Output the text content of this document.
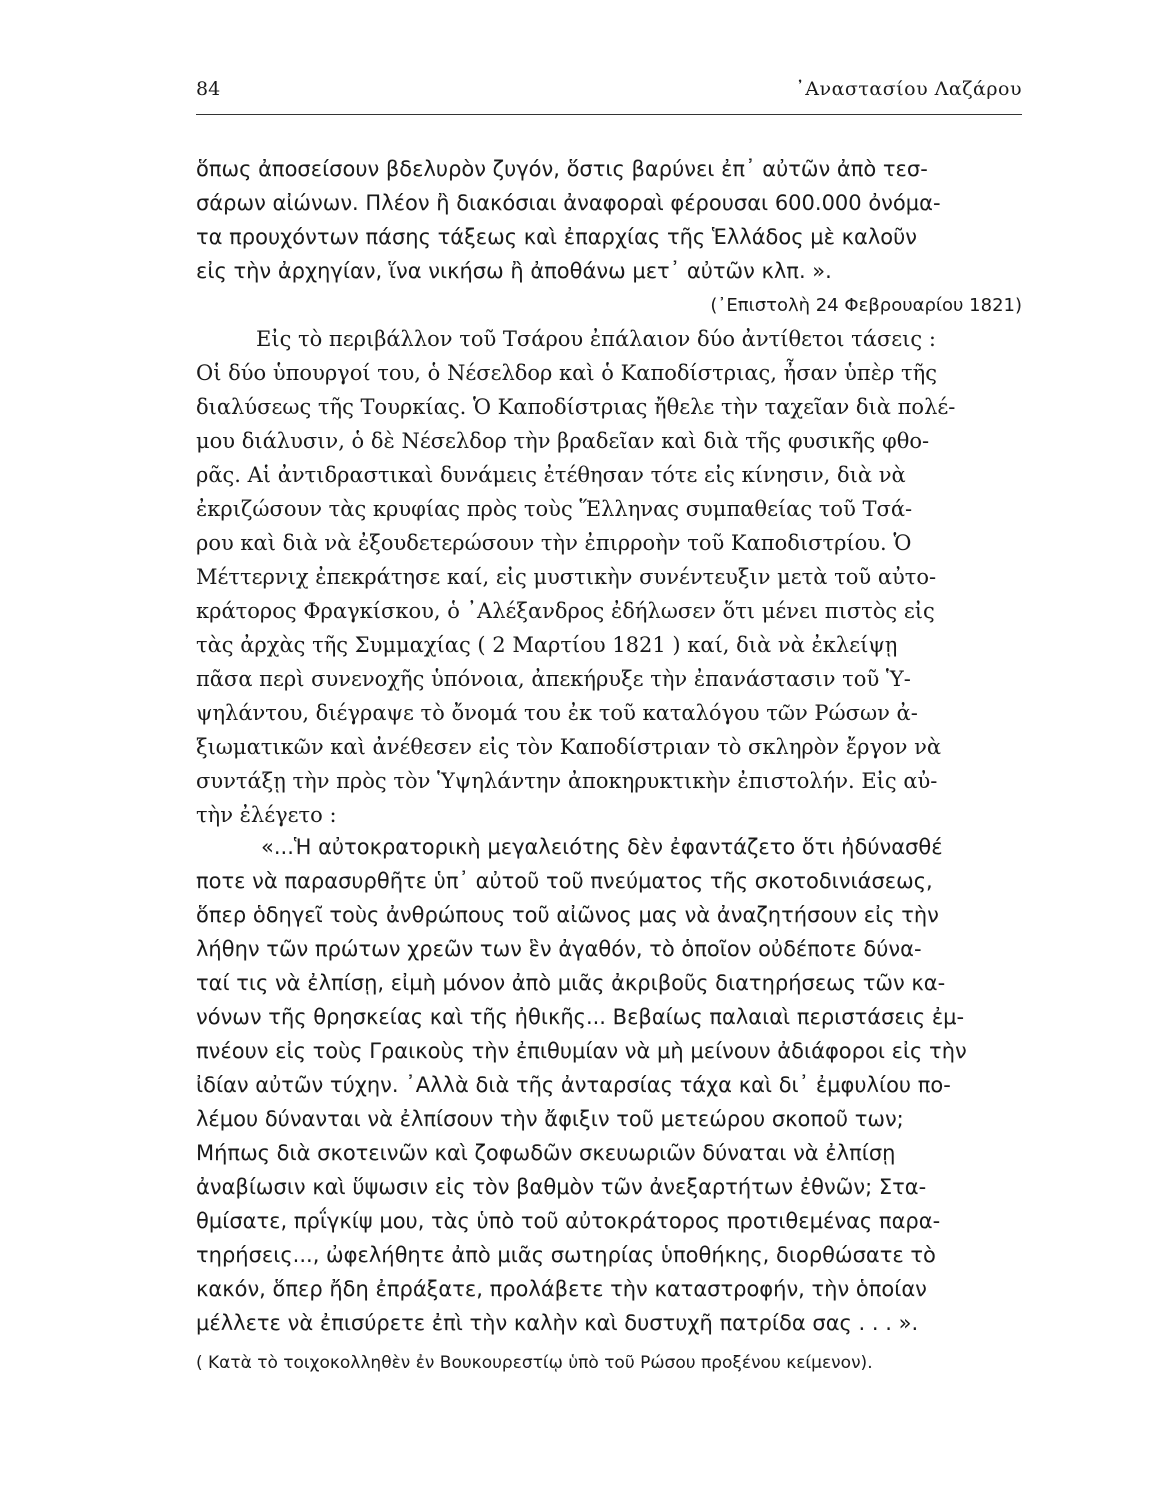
84	᾿Αναστασίου Λαζάρου
ὅπως ἀποσείσουν βδελυρὸν ζυγόν, ὅστις βαρύνει ἐπ᾿ αὐτῶν ἀπὸ τεσ-
σάρων αἰώνων. Πλέον ἢ διακόσιαι ἀναφοραὶ φέρουσαι 600.000 ὀνόμα-
τα προυχόντων πάσης τάξεως καὶ ἐπαρχίας τῆς Ἑλλάδος μὲ καλοῦν
εἰς τὴν ἀρχηγίαν, ἵνα νικήσω ἢ ἀποθάνω μετ᾿ αὐτῶν κλπ. ».
(᾿Επιστολὴ 24 Φεβρουαρίου 1821)
Εἰς τὸ περιβάλλον τοῦ Τσάρου ἐπάλαιον δύο ἀντίθετοι τάσεις :
Οἱ δύο ὑπουργοί του, ὁ Νέσελδορ καὶ ὁ Καποδίστριας, ἦσαν ὑπὲρ τῆς
διαλύσεως τῆς Τουρκίας. Ὁ Καποδίστριας ἤθελε τὴν ταχεῖαν διὰ πολέ-
μου διάλυσιν, ὁ δὲ Νέσελδορ τὴν βραδεῖαν καὶ διὰ τῆς φυσικῆς φθο-
ρᾶς. Αἱ ἀντιδραστικαὶ δυνάμεις ἐτέθησαν τότε εἰς κίνησιν, διὰ νὰ
ἐκριζώσουν τὰς κρυφίας πρὸς τοὺς Ἕλληνας συμπαθείας τοῦ Τσά-
ρου καὶ διὰ νὰ ἐξουδετερώσουν τὴν ἐπιρροὴν τοῦ Καποδιστρίου. Ὁ
Μέττερνιχ ἐπεκράτησε καί, εἰς μυστικὴν συνέντευξιν μετὰ τοῦ αὐτο-
κράτορος Φραγκίσκου, ὁ ᾿Αλέξανδρος ἐδήλωσεν ὅτι μένει πιστὸς εἰς
τὰς ἀρχὰς τῆς Συμμαχίας ( 2 Μαρτίου 1821 ) καί, διὰ νὰ ἐκλείψῃ
πᾶσα περὶ συνενοχῆς ὑπόνοια, ἀπεκήρυξε τὴν ἐπανάστασιν τοῦ Ὑ-
ψηλάντου, διέγραψε τὸ ὄνομά του ἐκ τοῦ καταλόγου τῶν Ρώσων ἀ-
ξιωματικῶν καὶ ἀνέθεσεν εἰς τὸν Καποδίστριαν τὸ σκληρὸν ἔργον νὰ
συντάξῃ τὴν πρὸς τὸν Ὑψηλάντην ἀποκηρυκτικὴν ἐπιστολήν. Εἰς αὐ-
τὴν ἐλέγετο :
«...Ἡ αὐτοκρατορικὴ μεγαλειότης δὲν ἐφαντάζετο ὅτι ἠδύνασθέ
ποτε νὰ παρασυρθῆτε ὑπ᾿ αὐτοῦ τοῦ πνεύματος τῆς σκοτοδινιάσεως,
ὅπερ ὁδηγεῖ τοὺς ἀνθρώπους τοῦ αἰῶνος μας νὰ ἀναζητήσουν εἰς τὴν
λήθην τῶν πρώτων χρεῶν των ἓν ἀγαθόν, τὸ ὁποῖον οὐδέποτε δύνα-
ταί τις νὰ ἐλπίσῃ, εἰμὴ μόνον ἀπὸ μιᾶς ἀκριβοῦς διατηρήσεως τῶν κα-
νόνων τῆς θρησκείας καὶ τῆς ἠθικῆς... Βεβαίως παλαιαὶ περιστάσεις ἐμ-
πνέουν εἰς τοὺς Γραικοὺς τὴν ἐπιθυμίαν νὰ μὴ μείνουν ἀδιάφοροι εἰς τὴν
ἰδίαν αὐτῶν τύχην. ᾿Αλλὰ διὰ τῆς ἀνταρσίας τάχα καὶ δι᾿ ἐμφυλίου πο-
λέμου δύνανται νὰ ἐλπίσουν τὴν ἄφιξιν τοῦ μετεώρου σκοποῦ των;
Μήπως διὰ σκοτεινῶν καὶ ζοφωδῶν σκευωριῶν δύναται νὰ ἐλπίσῃ
ἀναβίωσιν καὶ ὕψωσιν εἰς τὸν βαθμὸν τῶν ἀνεξαρτήτων ἐθνῶν; Στα-
θμίσατε, πρΐγκίψ μου, τὰς ὑπὸ τοῦ αὐτοκράτορος προτιθεμένας παρα-
τηρήσεις..., ὠφελήθητε ἀπὸ μιᾶς σωτηρίας ὑποθήκης, διορθώσατε τὸ
κακόν, ὅπερ ἤδη ἐπράξατε, προλάβετε τὴν καταστροφήν, τὴν ὁποίαν
μέλλετε νὰ ἐπισύρετε ἐπὶ τὴν καλὴν καὶ δυστυχῆ πατρίδα σας . . . ».
( Κατὰ τὸ τοιχοκολληθὲν ἐν Βουκουρεστίῳ ὑπὸ τοῦ Ρώσου προξένου κείμενον).
